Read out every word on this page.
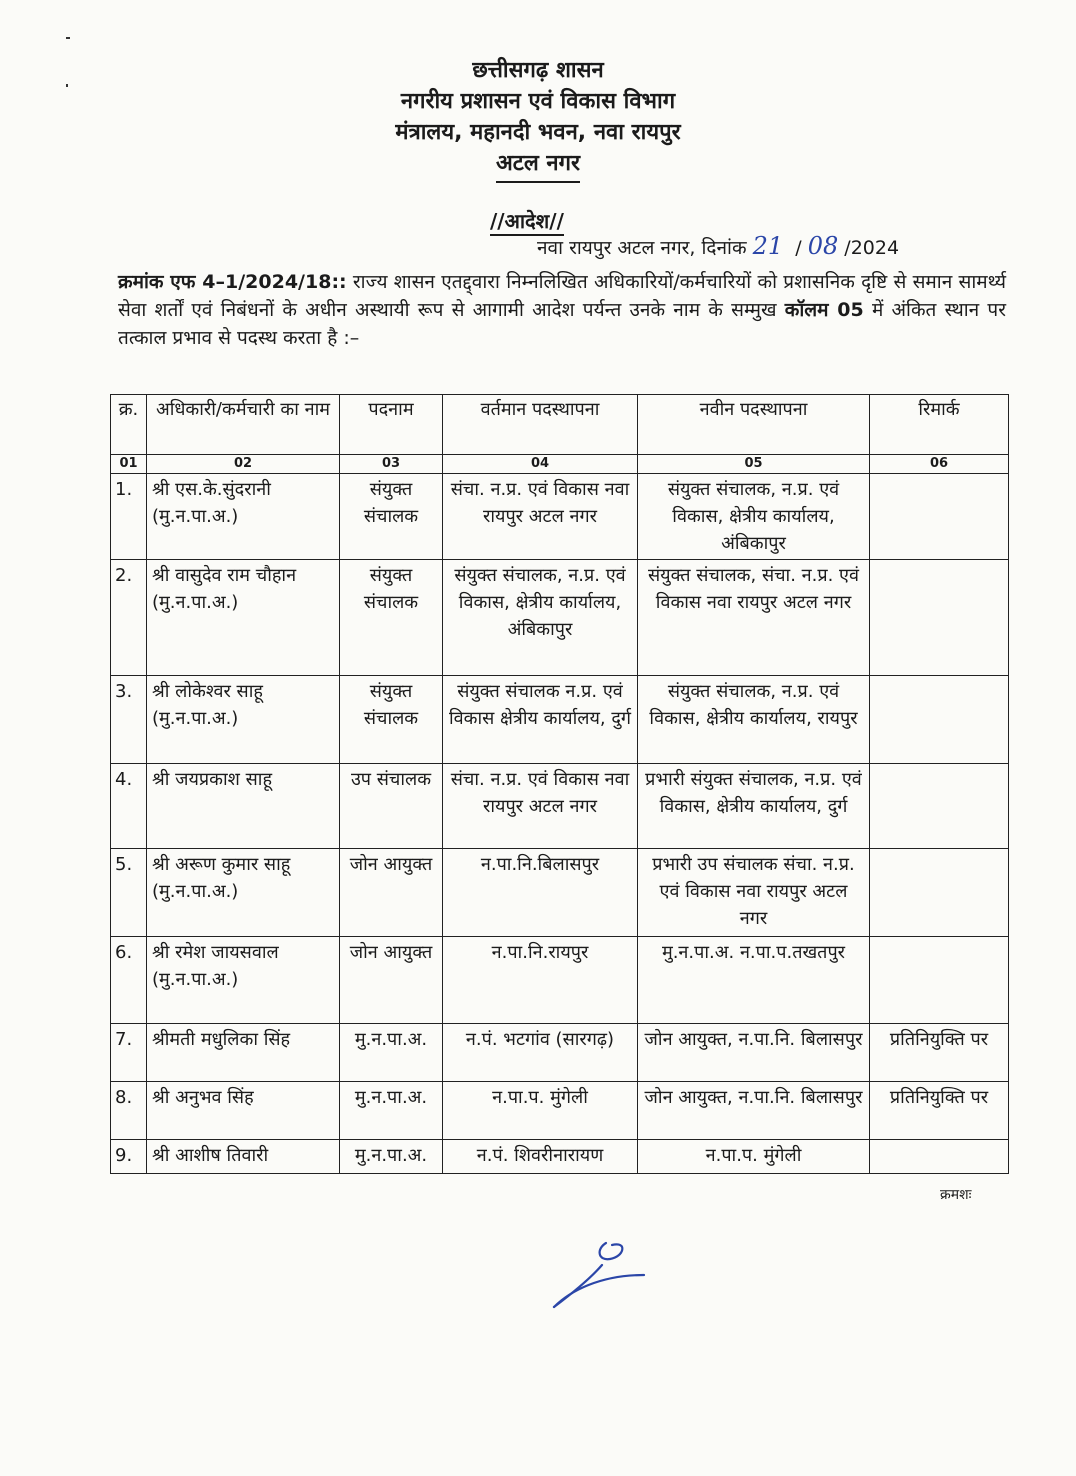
छत्तीसगढ़ शासन
नगरीय प्रशासन एवं विकास विभाग
मंत्रालय, महानदी भवन, नवा रायपुर
अटल नगर
//आदेश//
नवा रायपुर अटल नगर, दिनांक 21  / 08 /2024
क्रमांक एफ 4–1/2024/18:: राज्य शासन एतद्द्वारा निम्नलिखित अधिकारियों/कर्मचारियों को प्रशासनिक दृष्टि से समान सामर्थ्य सेवा शर्तों एवं निबंधनों के अधीन अस्थायी रूप से आगामी आदेश पर्यन्त उनके नाम के सम्मुख कॉलम 05 में अंकित स्थान पर तत्काल प्रभाव से पदस्थ करता है :–
क्र.	अधिकारी/कर्मचारी का नाम	पदनाम	वर्तमान पदस्थापना	नवीन पदस्थापना	रिमार्क
01	02	03	04	05	06
1.	श्री एस.के.सुंदरानी (मु.न.पा.अ.)	संयुक्त संचालक	संचा. न.प्र. एवं विकास नवा रायपुर अटल नगर	संयुक्त संचालक, न.प्र. एवं विकास, क्षेत्रीय कार्यालय, अंबिकापुर	
2.	श्री वासुदेव राम चौहान (मु.न.पा.अ.)	संयुक्त संचालक	संयुक्त संचालक, न.प्र. एवं विकास, क्षेत्रीय कार्यालय, अंबिकापुर	संयुक्त संचालक, संचा. न.प्र. एवं विकास नवा रायपुर अटल नगर	
3.	श्री लोकेश्वर साहू (मु.न.पा.अ.)	संयुक्त संचालक	संयुक्त संचालक न.प्र. एवं विकास क्षेत्रीय कार्यालय, दुर्ग	संयुक्त संचालक, न.प्र. एवं विकास, क्षेत्रीय कार्यालय, रायपुर	
4.	श्री जयप्रकाश साहू	उप संचालक	संचा. न.प्र. एवं विकास नवा रायपुर अटल नगर	प्रभारी संयुक्त संचालक, न.प्र. एवं विकास, क्षेत्रीय कार्यालय, दुर्ग	
5.	श्री अरूण कुमार साहू (मु.न.पा.अ.)	जोन आयुक्त	न.पा.नि.बिलासपुर	प्रभारी उप संचालक संचा. न.प्र. एवं विकास नवा रायपुर अटल नगर	
6.	श्री रमेश जायसवाल (मु.न.पा.अ.)	जोन आयुक्त	न.पा.नि.रायपुर	मु.न.पा.अ. न.पा.प.तखतपुर	
7.	श्रीमती मधुलिका सिंह	मु.न.पा.अ.	न.पं. भटगांव (सारगढ़)	जोन आयुक्त, न.पा.नि. बिलासपुर	प्रतिनियुक्ति पर
8.	श्री अनुभव सिंह	मु.न.पा.अ.	न.पा.प. मुंगेली	जोन आयुक्त, न.पा.नि. बिलासपुर	प्रतिनियुक्ति पर
9.	श्री आशीष तिवारी	मु.न.पा.अ.	न.पं. शिवरीनारायण	न.पा.प. मुंगेली	
क्रमशः
